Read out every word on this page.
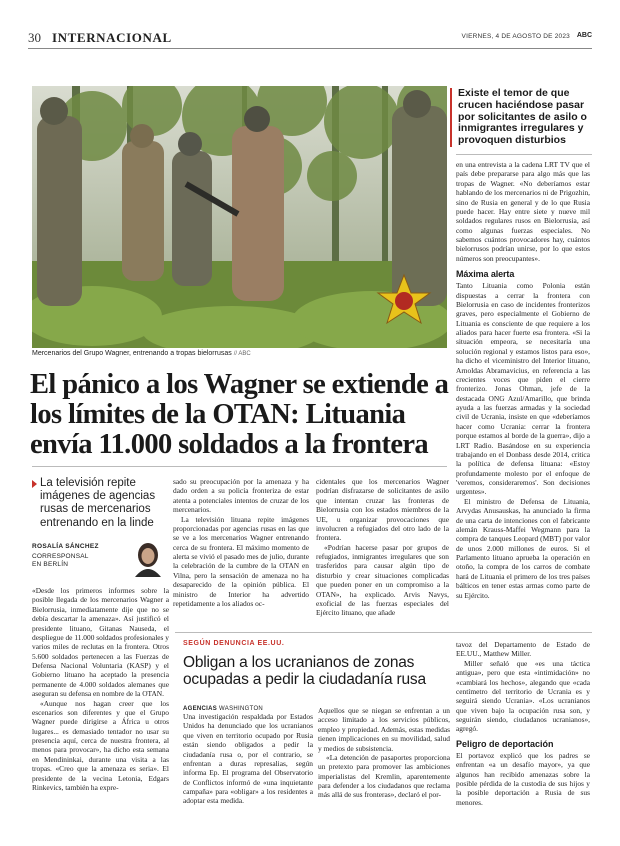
30 INTERNACIONAL	VIERNES, 4 DE AGOSTO DE 2023 ABC
Mercenarios del Grupo Wagner, entrenando a tropas bielorrusas // ABC
Existe el temor de que crucen haciéndose pasar por solicitantes de asilo o inmigrantes irregulares y provoquen disturbios
El pánico a los Wagner se extiende a los límites de la OTAN: Lituania envía 11.000 soldados a la frontera
La televisión repite imágenes de agencias rusas de mercenarios entrenando en la linde
ROSALÍA SÁNCHEZ
CORRESPONSAL
EN BERLÍN

«Desde los primeros informes sobre la posible llegada de los mercenarios Wagner a Bielorrusia, inmediatamente dije que no se debía descartar la amenaza». Así justificó el presidente lituano, Gitanas Nauseda, el despliegue de 11.000 soldados profesionales y varios miles de reclutas en la frontera. Otros 5.600 soldados pertenecen a las Fuerzas de Defensa Nacional Voluntaria (KASP) y el Gobierno lituano ha aceptado la presencia permanente de 4.000 soldados alemanes que aseguran su defensa en nombre de la OTAN.

«Aunque nos hagan creer que los escenarios son diferentes y que el Grupo Wagner puede dirigirse a África u otros lugares... es demasiado tentador no usar su presencia aquí, cerca de nuestra frontera, al menos para provocar», ha dicho esta semana en Mendininkai, durante una visita a las tropas. «Creo que la amenaza es seria». El presidente de la vecina Letonia, Edgars Rinkevics, también ha expre-

sado su preocupación por la amenaza y ha dado orden a su policía fronteriza de estar atenta a potenciales intentos de cruzar de los mercenarios.

La televisión lituana repite imágenes proporcionadas por agencias rusas en las que se ve a los mercenarios Wagner entrenando cerca de su frontera. El máximo momento de alerta se vivió el pasado mes de julio, durante la celebración de la cumbre de la OTAN en Vilna, pero la sensación de amenaza no ha desaparecido de la opinión pública. El ministro de Interior ha advertido repetidamente a los aliados oc-

cidentales que los mercenarios Wagner podrían disfrazarse de solicitantes de asilo que intentan cruzar las fronteras de Bielorrusia con los estados miembros de la UE, u organizar provocaciones que involucren a refugiados del otro lado de la frontera.

«Podrían hacerse pasar por grupos de refugiados, inmigrantes irregulares que son trasferidos para causar algún tipo de disturbio y crear situaciones complicadas que pueden poner en un compromiso a la OTAN», ha explicado. Arvis Navys, exoficial de las fuerzas especiales del Ejército lituano, que añade

en una entrevista a la cadena LRT TV que el país debe prepararse para algo más que las tropas de Wagner. «No deberíamos estar hablando de los mercenarios ni de Prigozhin, sino de Rusia en general y de lo que Rusia puede hacer. Hay entre siete y nueve mil soldados regulares rusos en Bielorrusia, así como algunas fuerzas especiales. No sabemos cuántos provocadores hay, cuántos bielorrusos podrían unirse, por lo que estos números son preocupantes».

Máxima alerta

Tanto Lituania como Polonia están dispuestas a cerrar la frontera con Bielorrusia en caso de incidentes fronterizos graves, pero especialmente el Gobierno de Lituania es consciente de que requiere a los aliados para hacer fuerte esa frontera. «Si la situación empeora, se necesitaría una solución regional y estamos listos para eso», ha dicho el viceministro del Interior lituano, Arnoldas Abramavicius, en referencia a las crecientes voces que piden el cierre fronterizo. Jonas Ohman, jefe de la destacada ONG Azul/Amarillo, que brinda ayuda a las fuerzas armadas y la sociedad civil de Ucrania, insiste en que «deberíamos hacer como Ucrania: cerrar la frontera porque estamos al borde de la guerra», dijo a LRT Radio. Basándose en su experiencia trabajando en el Donbass desde 2014, critica la política de defensa lituana: «Estoy profundamente molesto por el enfoque de 'veremos, consideraremos'. Son decisiones urgentes».

El ministro de Defensa de Lituania, Arvydas Anusauskas, ha anunciado la firma de una carta de intenciones con el fabricante alemán Krauss-Maffei Wegmann para la compra de tanques Leopard (MBT) por valor de unos 2.000 millones de euros. Si el Parlamento lituano aprueba la operación en otoño, la compra de los carros de combate hará de Lituania el primero de los tres países bálticos en tener estas armas como parte de su Ejército.

SEGÚN DENUNCIA EE.UU.
Obligan a los ucranianos de zonas ocupadas a pedir la ciudadanía rusa
AGENCIAS WASHINGTON

Una investigación respaldada por Estados Unidos ha denunciado que los ucranianos que viven en territorio ocupado por Rusia están siendo obligados a pedir la ciudadanía rusa o, por el contrario, se enfrentan a duras represalias, según informa Ep. El programa del Observatorio de Conflictos informó de «una inquietante campaña» para «obligar» a los residentes a adoptar esta medida.

Aquellos que se niegan se enfrentan a un acceso limitado a los servicios públicos, empleo y propiedad. Además, estas medidas tienen implicaciones en su movilidad, salud y medios de subsistencia.

«La detención de pasaportes proporciona un pretexto para promover las ambiciones imperialistas del Kremlin, aparentemente para defender a los ciudadanos que reclama más allá de sus fronteras», declaró el por-

tavoz del Departamento de Estado de EE.UU., Matthew Miller.

Miller señaló que «es una táctica antigua», pero que esta «intimidación» no «cambiará los hechos», alegando que «cada centímetro del territorio de Ucrania es y seguirá siendo Ucrania». «Los ucranianos que viven bajo la ocupación rusa son, y seguirán siendo, ciudadanos ucranianos», agregó.

Peligro de deportación

El portavoz explicó que los padres se enfrentan «a un desafío mayor», ya que algunos han recibido amenazas sobre la posible pérdida de la custodia de sus hijos y la posible deportación a Rusia de sus menores.
